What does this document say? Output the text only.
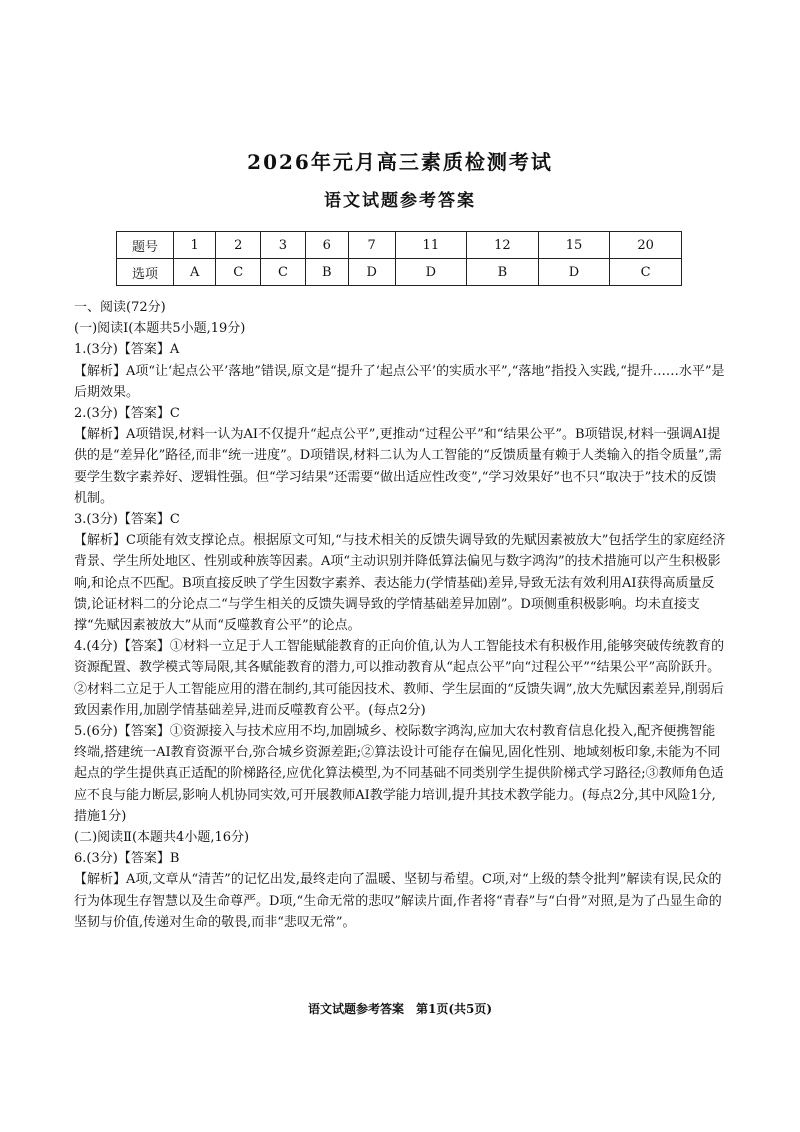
2026年元月高三素质检测考试
语文试题参考答案
题号	1	2	3	6	7	11	12	15	20
选项	A	C	C	B	D	D	B	D	C

一、阅读(72分)

(一)阅读Ⅰ(本题共5小题,19分)

1.(3分)【答案】A

【解析】A项“让‘起点公平’落地”错误,原文是“提升了‘起点公平’的实质水平”,“落地”指投入实践,“提升……水平”是后期效果。

2.(3分)【答案】C

【解析】A项错误,材料一认为AI不仅提升“起点公平”,更推动“过程公平”和“结果公平”。B项错误,材料一强调AI提供的是“差异化”路径,而非“统一进度”。D项错误,材料二认为人工智能的“反馈质量有赖于人类输入的指令质量”,需要学生数字素养好、逻辑性强。但“学习结果”还需要“做出适应性改变”,“学习效果好”也不只“取决于”技术的反馈机制。

3.(3分)【答案】C

【解析】C项能有效支撑论点。根据原文可知,“与技术相关的反馈失调导致的先赋因素被放大”包括学生的家庭经济背景、学生所处地区、性别或种族等因素。A项“主动识别并降低算法偏见与数字鸿沟”的技术措施可以产生积极影响,和论点不匹配。B项直接反映了学生因数字素养、表达能力(学情基础)差异,导致无法有效利用AI获得高质量反馈,论证材料二的分论点二“与学生相关的反馈失调导致的学情基础差异加剧”。D项侧重积极影响。均未直接支撑“先赋因素被放大”从而“反噬教育公平”的论点。

4.(4分)【答案】①材料一立足于人工智能赋能教育的正向价值,认为人工智能技术有积极作用,能够突破传统教育的资源配置、教学模式等局限,其各赋能教育的潜力,可以推动教育从“起点公平”向“过程公平”“结果公平”高阶跃升。②材料二立足于人工智能应用的潜在制约,其可能因技术、教师、学生层面的“反馈失调”,放大先赋因素差异,削弱后致因素作用,加剧学情基础差异,进而反噬教育公平。(每点2分)

5.(6分)【答案】①资源接入与技术应用不均,加剧城乡、校际数字鸿沟,应加大农村教育信息化投入,配齐便携智能终端,搭建统一AI教育资源平台,弥合城乡资源差距;②算法设计可能存在偏见,固化性别、地域刻板印象,未能为不同起点的学生提供真正适配的阶梯路径,应优化算法模型,为不同基础不同类别学生提供阶梯式学习路径;③教师角色适应不良与能力断层,影响人机协同实效,可开展教师AI教学能力培训,提升其技术教学能力。(每点2分,其中风险1分,措施1分)

(二)阅读Ⅱ(本题共4小题,16分)

6.(3分)【答案】B

【解析】A项,文章从“清苦”的记忆出发,最终走向了温暖、坚韧与希望。C项,对“上级的禁令批判”解读有误,民众的行为体现生存智慧以及生命尊严。D项,“生命无常的悲叹”解读片面,作者将“青春”与“白骨”对照,是为了凸显生命的坚韧与价值,传递对生命的敬畏,而非“悲叹无常”。

语文试题参考答案　第1页(共5页)
